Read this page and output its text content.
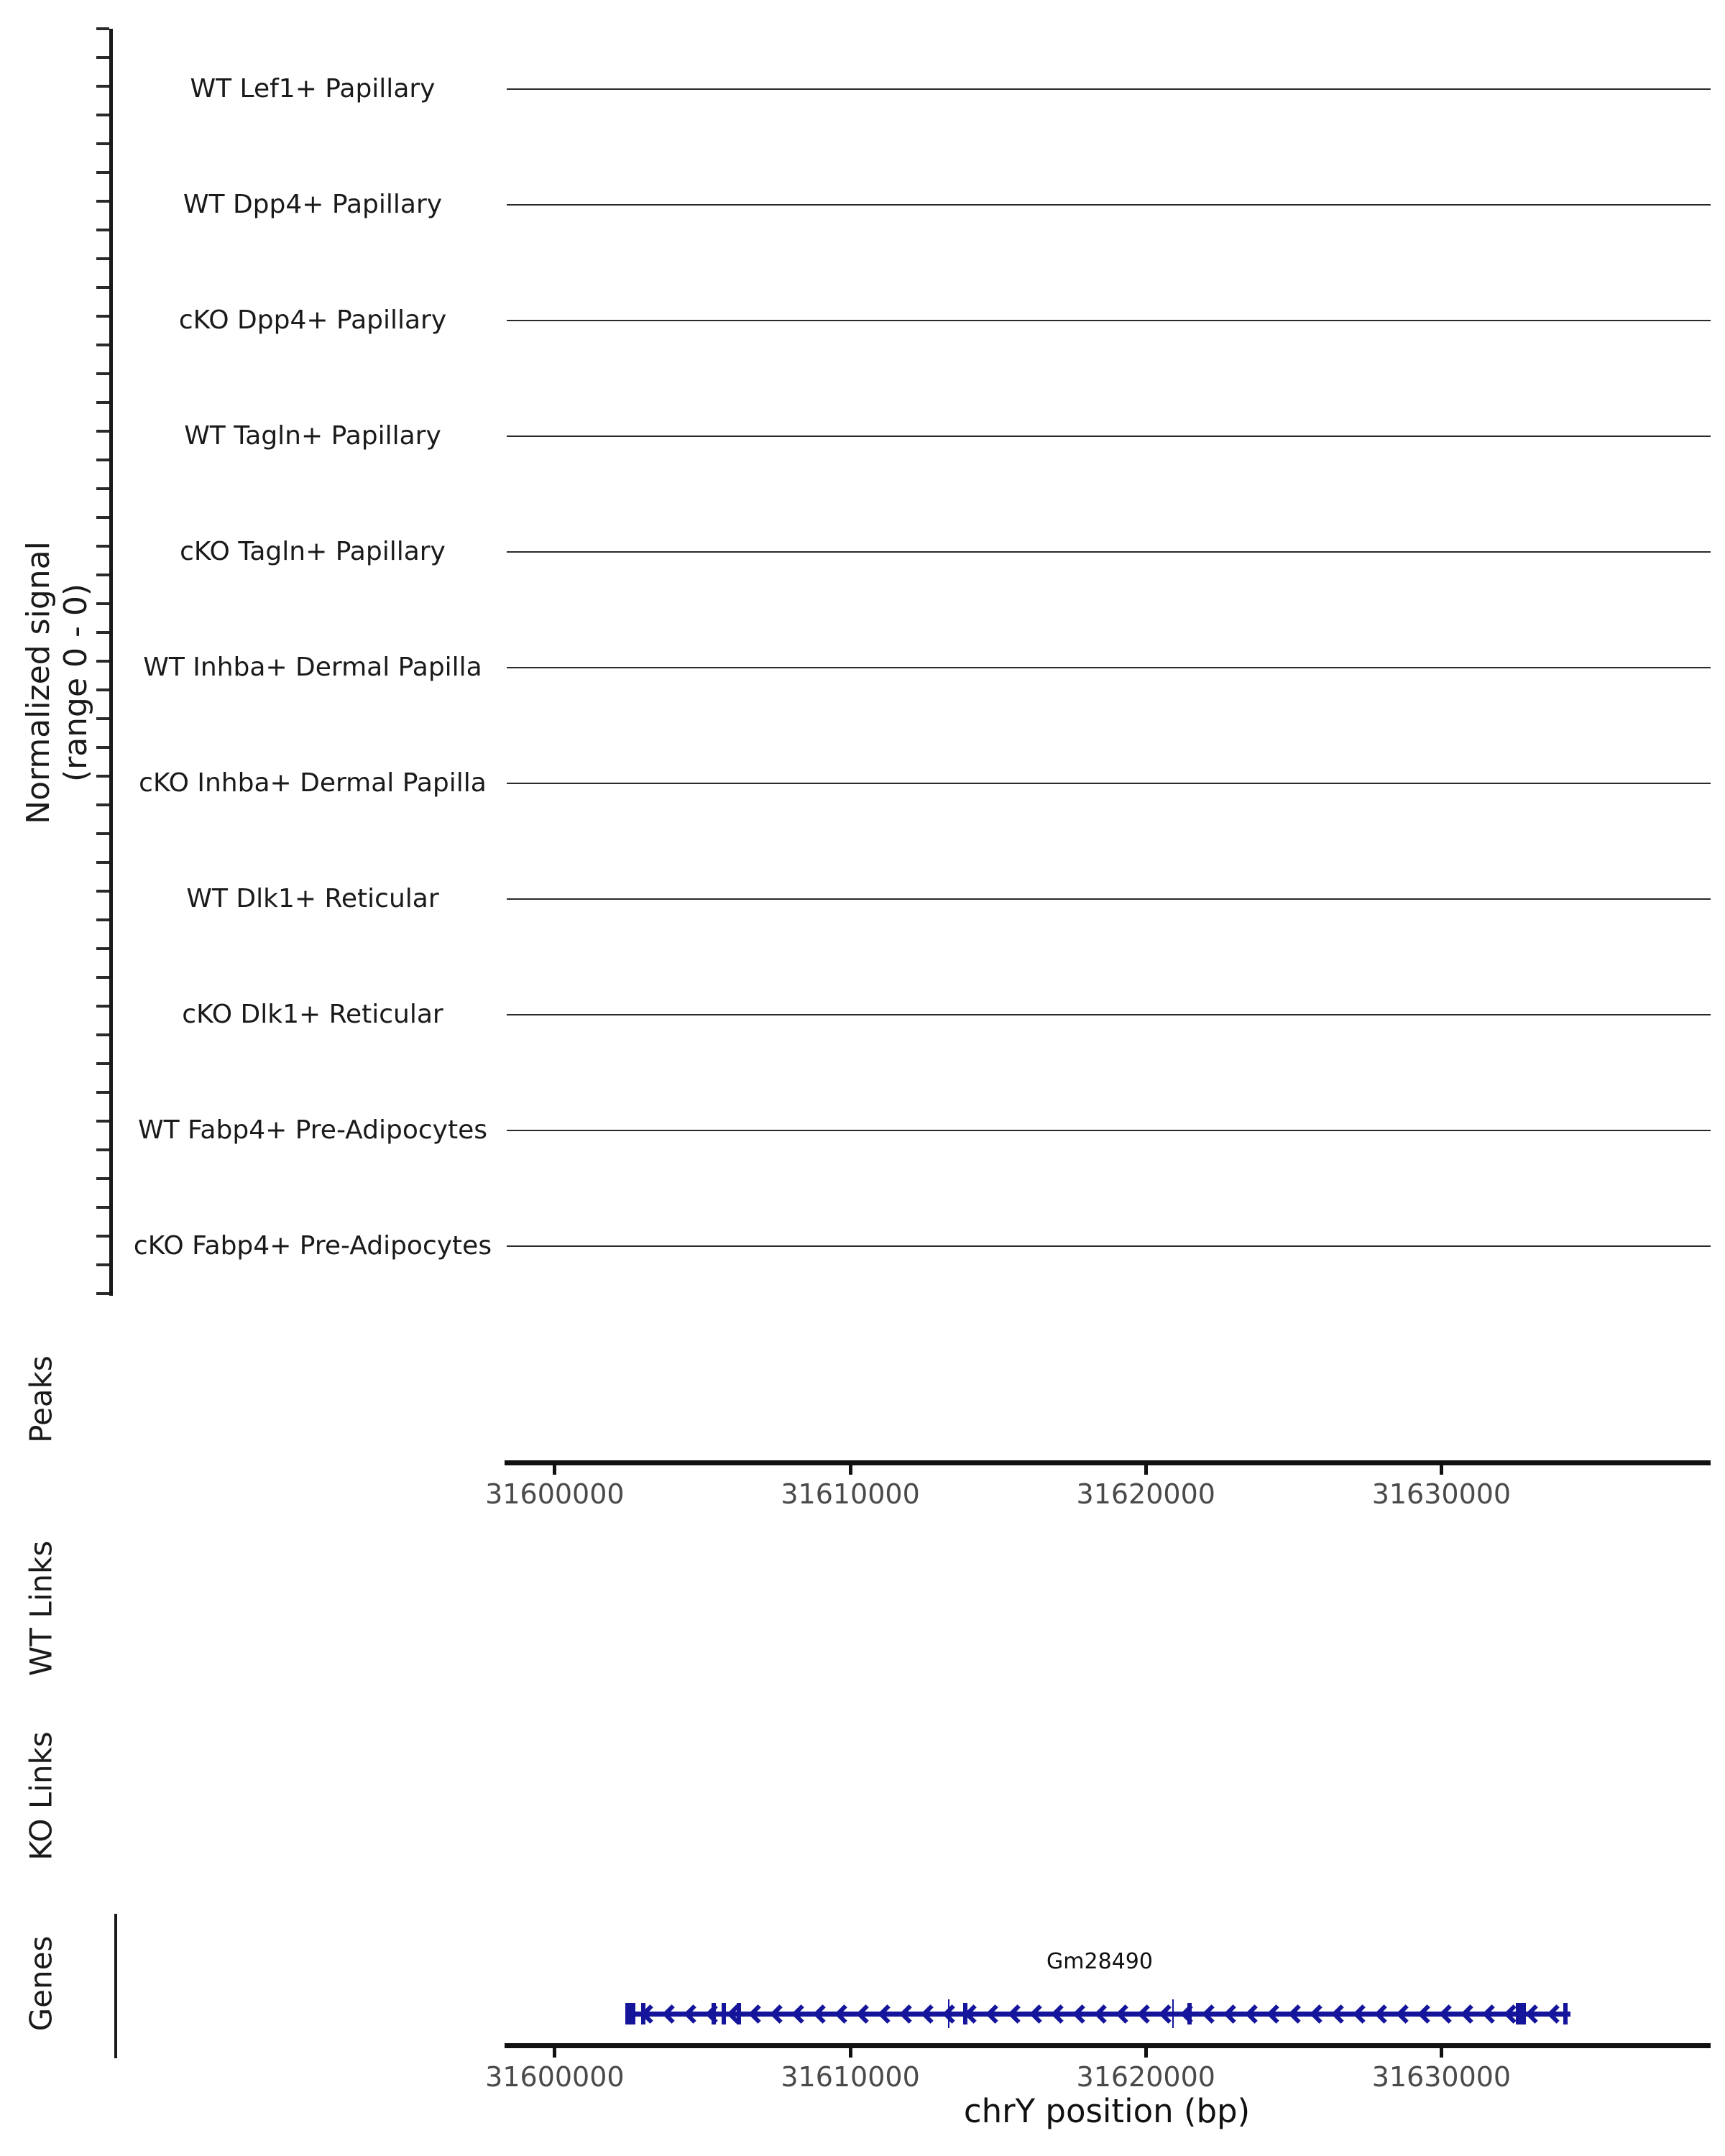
Normalized signal (range 0 - 0)
WT Lef1+ Papillary
WT Dpp4+ Papillary
cKO Dpp4+ Papillary
WT Tagln+ Papillary
cKO Tagln+ Papillary
WT Inhba+ Dermal Papilla
cKO Inhba+ Dermal Papilla
WT Dlk1+ Reticular
cKO Dlk1+ Reticular
WT Fabp4+ Pre-Adipocytes
cKO Fabp4+ Pre-Adipocytes
Peaks
WT Links
KO Links
Genes
31600000	31610000	31620000	31630000
Gm28490
31600000	31610000	31620000	31630000
chrY position (bp)
